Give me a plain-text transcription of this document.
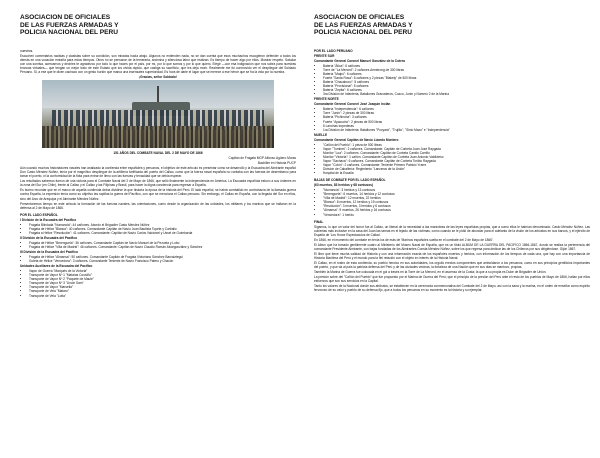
ASOCIACION DE OFICIALES
DE LAS FUERZAS ARMADAS Y
POLICIA NACIONAL DEL PERU

nuestros.

Escuchen comentarios racistas y clasistas sobre su condición, son miradas hacia abajo. Algunos no entienden nada, no se dan cuenta que esos muchachos escogieron defender a todos los demás en una vocación extraña para estos tiempos. Otros no se pensaron de la temeraria, anómina y silenciosa labor que realizan. Es tiempo de hacer algo por ellos. Mostrar respeto. Saludar con una sonrisa, acercarnos y decirles te agradezco por todo lo que haces por el país, por mí, por lo que somos y por lo que quiero. Elegir —con esa indignación que nos sobra para nuestras broncas virtuales— que tengan un mejor trato de este Estado que los olvida rápido, que castiga su sacrificio, que les deja morir. Realmente me fui conmovido ver el despliegue del Soldado Peruano. Si, a ese que le dicen cachaco con un gesto burlón que marca una insensatez superioridad. Es hora de darle el lugar que se merece a ese héroe que se fía la vida por la nuestra.

¡Gracias, señor Soldado!

151 AÑOS DEL COMBATE NAVAL DEL 2 DE MAYO DE 1866

Capitán de Fragata MGP Alfonso Agüero Moras

Bachiller en Historia PUCP

Aún cuando muchos historiadores navales han analizado la contienda entre españoles y peruanos, el objetivo de este artículo es presentar cómo se desarrolló y la Escuadra del Almirante español Don Casto Méndez Núñez, tenía por el magnífico despliegue de la artillería fortificada del puerto del Callao, como que la fuerza naval española no contaba con las fuerzas de desembarco para tomar el puerto, ni la conformidad de la flota para entrar de lleno con las fuerzas y tenacidad que se debía esperar.

Los resultados sabemos fueron de una victoria para el Combate Naval del 2 de Mayo de 1866, que selló finalmente la Independencia en América. La Escuadra española estuvo a sus órdenes en la zona del Sur (en Chile), frente al Callao y el Callao y las Filipinas y Brasil, para hacer la digna conciencia para regresar a España.

Es bueno recordar que en el marco de aquella contienda debía dividirse la que historia la época de la historia del Perú. El lado español, se habrá combatido en contrahacía de la llamada guerra contra España, la expresión tenía como su objetivo las rapiñas la guerra del Pacífico, con que se menciona el Callao peruano. Sin embargo, el Callao en España, con la llegada del Sur en ellos, sino del Arco de Arequipa y el Almirante Méndez Núñez.

Presentaremos tiempo en este artículo la formación de las fuerzas navales, las orientaciones, como desde la organización de las unidades, los militares y los marinos que se hallaron en la defensa al 2 de Mayo de 1866.

POR EL LADO ESPAÑOL

I División de la Escuadra del Pacífico

• Fragata Blindada "Numancia": 44 cañones. Abordo el Brigadier Casto Méndez Núñez
• Fragata de Hélice "Blanca": 40 cañones. Comandante Capitán de Navío Juan Bautista Topete y Carballo
• Fragata a Hélice "Resolución": 41 cañones. Comandante: Capitán de Navío Carlos Valcárcel y Ussel de Guimbarda

II División de la Escuadra del Pacífico

• Fragata de Hélice "Berenguela": 36 cañones. Comandante Capitán de Navío Manuel de la Pezuela y Lobo
• Fragata de Hélice "Villa de Madrid": 46 cañones. Comandante: Capitán de Navío Claudio Román Alvargonzález y Sánchez

III División de la Escuadra del Pacífico

• Fragata de Hélice "Almansa": 50 cañones. Comandante Capitán de Fragata Victoriano Sánchez Barcaiztegui
• Goleta de Hélice "Vencedora": 3 cañones. Comandante Teniente de Navío Francisco Patero y Chacón

Unidades Auxiliares de la Escuadra del Pacífico

• Vapor de Guerra "Marqués de la Victoria"
• Transporte de Vapor Nº 1 "Mataías Cousiño"
• Transporte de Vapor Nº 2 "Paquete de Maule"
• Transporte de Vapor Nº 3 "Uncle Sam"
• Transporte de Vapor "Marsella"
• Transporte de Vela "Mataro"
• Transporte de Vela "Lotta"
ASOCIACION DE OFICIALES
DE LAS FUERZAS ARMADAS Y
POLICIA NACIONAL DEL PERU

POR EL LADO PERUANO

FRENTE SUR

Comandante General Coronel Manuel González de la Cotera

• Batería "Ática": 6 cañones
• Torre de "La Merced": 2 cañones Armstrong de 300 libras
• Batería "Maipú": 6 cañones
• Fuerte "Santa Rosa": 6 cañones y 2 piezas "Blakely" de 500 libras
• Batería "Chacabuco": 5 cañones
• Batería "Provisional": 5 cañones
• Batería "Zepita": 6 cañones
• 3ra División de Infantería, Batallones Granaderos, Cuzco, Junín y Número 2 de la Marina

FRENTE NORTE

Comandante General Coronel José Joaquín Inclán

• Batería "Independencia": 6 cañones
• Torre "Junín": 2 piezas de 300 libras
• Batería "Pichincha": 3 cañones
• Fuerte "Ayacucho": 2 piezas de 500 libras
• 6 Lanchas torpederas
• 1ra División de Infantería: Batallones "Pucyará", "Trujillo", "Sixto Mazo" e "Independencia"

MUELLE

Comandante General Capitán de Navío Lizardo Montero

• "Cañón del Pueblo": 1 pieza de 500 libras
• Vapor "Tumbes": 2 cañones. Comandante: Capitán de Corbeta Juan José Raygada
• Monitor "Loa": 2 cañones. Comandante: Capitán de Corbeta Camilo Carrillo
• Monitor "Victoria": 1 cañón. Comandante Capitán de Corbeta Juan Antonio Valdivieso
• Vapor "Sachaca": 6 cañones. Comandante Capitán de Corbeta Toribio Raygada
• Vapor "Colón": 2 cañones. Comandante: Teniente Primero Patricio Yrarre
• Division de Caballería: Regimiento "Lanceros de la Unión"
• Hospital de la Escalla

BAJAS DE COMBATE POR EL LADO ESPAÑOL

(63 muertos, 83 heridos y 68 contusos)

• "Numancia": 3 heridos y 13 contusos
• "Berenguela": 6 muertos, 14 heridos y 12 contusos
• "Villa de Madrid": 12 muertos, 22 heridos
• "Blanca": 8 muertos, 12 heridos y 19 contusos
• "Resolución": 3 muertos, 3 heridos y 6 contusos
• "Almansa": 9 muertos, 26 heridos y 16 contusos
• "Vencedora": 1 herido

FINAL

Sigamos, lo que un valor del honor fue al Callao, un liberal de la necesidad a las maniobras de las leyes españolas propias, que a como ellos le habrían denominado. Casto Méndez Núñez. Las cubiertas más inclusive en la casa del Juan las tareas en el tejado de las víctimas, como cuando se le pidió de abundar para el adelanto de la visión de los arbustos en sus barcos, y el ejército de España de 'Los Honor Espectaculos de Callao'.

En 1866, en el momento del combate en tenía los de más de 'Marinos españoles suelta en el combate del 2 de Mayo de 1866'.

El Albun que ha tomado gentilmente cuatro al Ministerio del Museo Naval de España, que es un tituló ALBUM DE LA GUERRA DEL PACIFICO 1866-1867, dondo se realiza la pertenencia del comandante Presidente Almirante, con bajas fundadas de los Almirantes Consta Méndez Núñez, sobre los que regresa para dedicar las de los Chilenos por sus dirigiéndose. Gijón 1867.

El libro que tiene mucha calidad de Historia y con una información exacta de los españoles muertos y heridos, con información de los tiempos de cada una, que hay con una importancia de Historia Marítima del Perú y el mundo para la fiel relación con el objeto en interés de la Historia Naval.

El Callao, en el rostro de esta contienda, su pueblo heroico en sus autoridades, los orgullo erectos componentes que amboldaron a los peruanos, como en sus principios gentilicios importantes del puerto, y que da al país la patriota defensa del Perú y de las ciudades vecinas, la fortaleza de una Nación que en sus días se mantuvo, propias.

También la Marina de Guerra fue colocada en el gol a través en la Torre de La Merced, en el ascenso de la Costa; la que a su propia es Duke de Brigadier de Unión.

La presión sobre del "Cañón del Pueblo" que fue propuesto por el Marina de Guerra del Perú; que el principio de la presión del Perú ante el resto de los pueblos de Mayo de 1866, hallan por ellos esfuerzos que son sus servicios en la Capital.

Tanto los valores de la Nacional donde sus atributos, se establecen en la ceremonia conmemorativa del Combate del 2 de Mayo, así con la sana y la marina, en el orden de enseñar como espíritu fervoroso de su valor y pueblo de su defensa fijo, que a todos los peruanos en su momento es la historia y su ejemplar.
